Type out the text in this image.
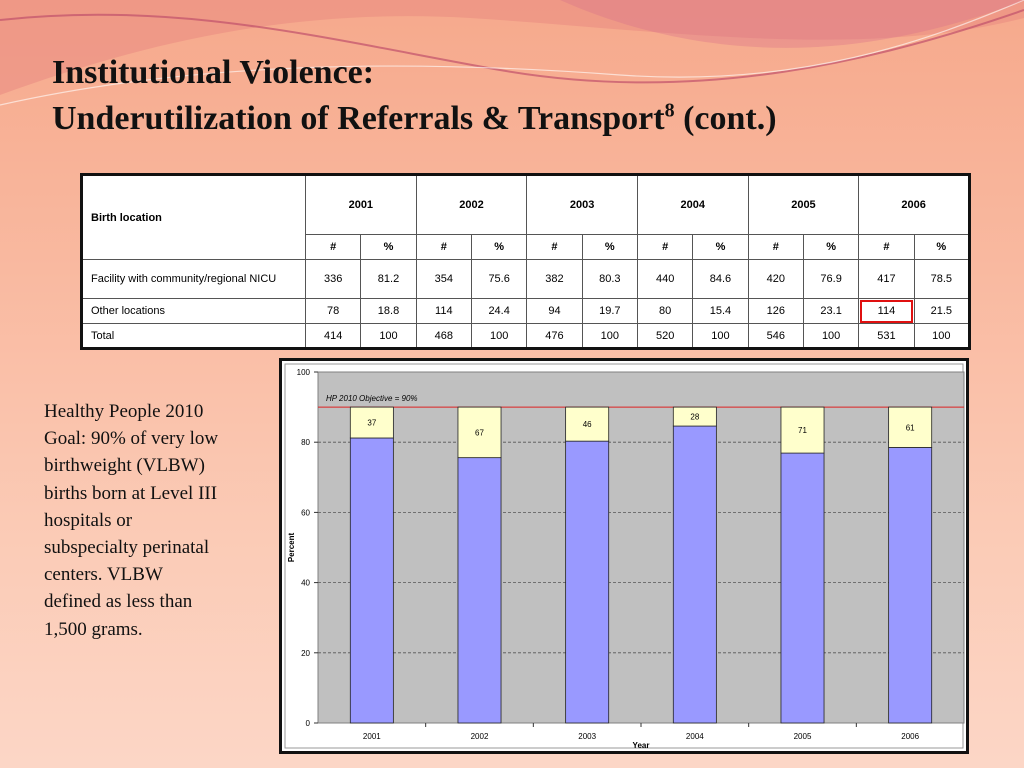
Institutional Violence:
Underutilization of Referrals & Transport$^8$ (cont.)
Birth location	2001		2002		2003		2004		2005		2006	
	#	%	#	%	#	%	#	%	#	%	#	%
Facility with community/regional NICU	336	81.2	354	75.6	382	80.3	440	84.6	420	76.9	417	78.5
Other locations	78	18.8	114	24.4	94	19.7	80	15.4	126	23.1	114	21.5
Total	414	100	468	100	476	100	520	100	546	100	531	100

Healthy People 2010 Goal: 90% of very low birthweight (VLBW) births born at Level III hospitals or subspecialty perinatal centers. VLBW defined as less than 1,500 grams.

0
20
40
60
80
100
HP 2010 Objective = 90%
37
2001
67
2002
46
2003
28
2004
71
2005
61
2006
Year
Percent
